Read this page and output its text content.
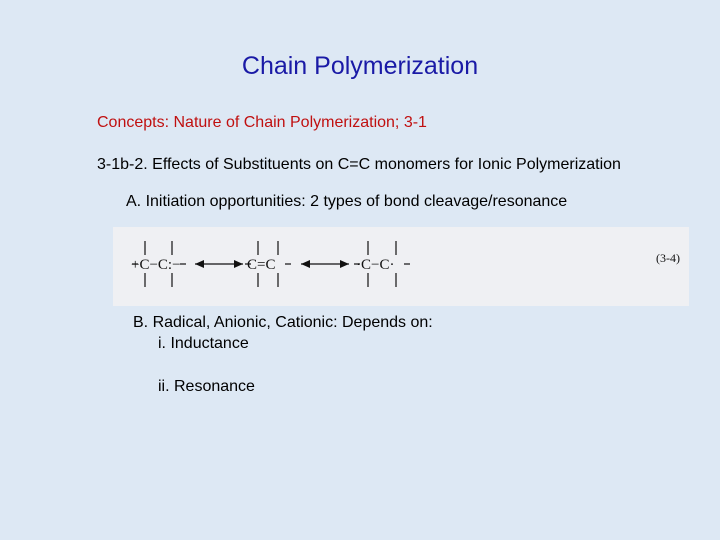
Chain Polymerization
Concepts: Nature of Chain Polymerization; 3-1
3-1b-2. Effects of Substituents on C=C monomers for Ionic Polymerization
A. Initiation opportunities: 2 types of bond cleavage/resonance

+C−C:−	C=C	·C−C·	(3-4)
B. Radical, Anionic, Cationic: Depends on:
i. Inductance
ii. Resonance
